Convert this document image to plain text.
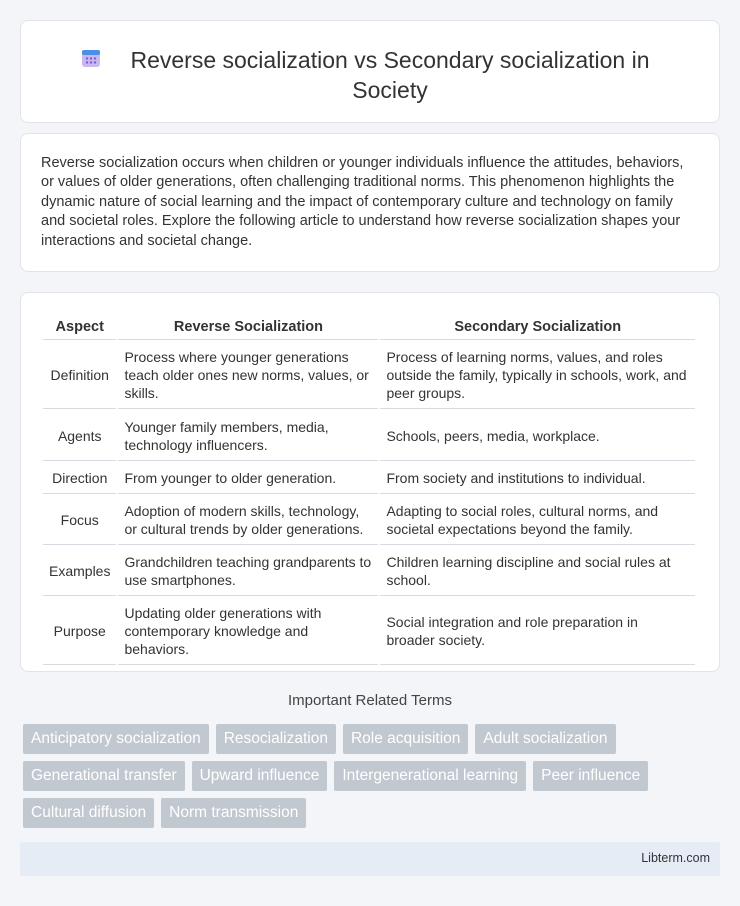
Reverse socialization vs Secondary socialization in Society

Reverse socialization occurs when children or younger individuals influence the attitudes, behaviors, or values of older generations, often challenging traditional norms. This phenomenon highlights the dynamic nature of social learning and the impact of contemporary culture and technology on family and societal roles. Explore the following article to understand how reverse socialization shapes your interactions and societal change.

Aspect	Reverse Socialization	Secondary Socialization
Definition	Process where younger generations teach older ones new norms, values, or skills.	Process of learning norms, values, and roles outside the family, typically in schools, work, and peer groups.
Agents	Younger family members, media, technology influencers.	Schools, peers, media, workplace.
Direction	From younger to older generation.	From society and institutions to individual.
Focus	Adoption of modern skills, technology, or cultural trends by older generations.	Adapting to social roles, cultural norms, and societal expectations beyond the family.
Examples	Grandchildren teaching grandparents to use smartphones.	Children learning discipline and social rules at school.
Purpose	Updating older generations with contemporary knowledge and behaviors.	Social integration and role preparation in broader society.
Important Related Terms
Anticipatory socialization	Resocialization	Role acquisition	Adult socialization
Generational transfer	Upward influence	Intergenerational learning	Peer influence
Cultural diffusion	Norm transmission
Libterm.com
